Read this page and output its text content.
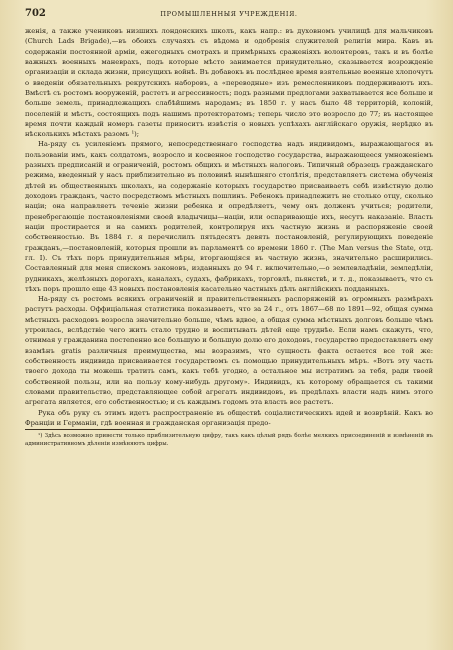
702	ПРОМЫШЛЕННЫЯ УЧРЕЖДЕНІЯ.

женія, а также учениковъ низшихъ лондонскихъ школъ, какъ напр.: въ духовномъ училищѣ для мальчиковъ (Church Lads Brigade),—въ обоихъ случаяхъ съ вѣдома и одобренія служителей религіи мира. Кавъ въ содержаніи постоянной арміи, ежегодныхъ смотрахъ и примѣрныхъ сраженіяхъ волонтеровъ, такъ и въ болѣе важныхъ военныхъ маневрахъ, подъ которые мѣсто занимается принудительно, сказывается возрожденіе организаціи и склада жизни, присущихъ войнѣ. Въ добавокъ въ послѣднее время взятельные военные хлопочутъ о введеніи обязательныхъ рекрутскихъ наборовъ, а «переводные» изъ ремесленниковъ поддерживаютъ ихъ. Вмѣстѣ съ ростомъ вооруженій, растетъ и агрессивность; подъ разными предлогами захватывается все больше и больше земель, принадлежащихъ слабѣйшимъ народамъ; въ 1850 г. у насъ было 48 территорій, колоній, поселеній и мѣстъ, состоящихъ подъ нашимъ протекторатомъ; теперь число это возросло до 77; въ настоящее время почти каждый номеръ газеты приноситъ извѣстія о новыхъ успѣхахъ англійскаго оружія, нерѣдко въ нѣсколькихъ мѣстахъ разомъ ¹);

На-ряду съ усиленіемъ прямого, непосредственнаго господства надъ индивидомъ, выражающагося въ пользованіи имъ, какъ солдатомъ, возросло и косвенное господство государства, выражающееся умноженіемъ разныхъ предписаній и ограниченій, ростомъ общихъ и мѣстныхъ налоговъ. Типичный образецъ гражданскаго режима, введенный у насъ приблизительно въ половинѣ нынѣшняго столѣтія, представляетъ система обученія дѣтей въ общественныхъ школахъ, на содержаніе которыхъ государство присваиваетъ себѣ извѣстную долю доходовъ гражданъ, часто посредствомъ мѣстныхъ пошлинъ. Ребенокъ принадлежитъ не столько отцу, сколько націи; она направляетъ теченіе жизни ребенка и опредѣляетъ, чему онъ долженъ учиться; родители, пренебрегающіе постановленіями своей владычицы—націи, или оспаривающіе ихъ, несутъ наказаніе. Власть націи простирается и на самихъ родителей, контролируя ихъ частную жизнь и распоряженіе своей собственностью. Въ 1884 г. я перечислилъ пятьдесятъ девять постановленій, регулирующихъ поведеніе гражданъ,—постановленій, которыя прошли въ парламентѣ со времени 1860 г. (The Man versus the State, отд. гл. I). Съ тѣхъ поръ принудительныя мѣры, вторгающіяся въ частную жизнь, значительно расширились. Составленный для меня спискомъ законовъ, изданныхъ до 94 г. включительно,—о землевладѣніи, земледѣліи, рудникахъ, желѣзныхъ дорогахъ, каналахъ, судахъ, фабрикахъ, торговлѣ, пьянствѣ, и т. д., показываетъ, что съ тѣхъ поръ прошло еще 43 новыхъ постановленія касательно частныхъ дѣлъ англійскихъ подданныхъ.

На-ряду съ ростомъ всякихъ ограниченій и правительственныхъ распоряженій въ огромныхъ размѣрахъ растутъ расходы. Оффиціальная статистика показываетъ, что за 24 г., отъ 1867—68 по 1891—92, общая сумма мѣстныхъ расходовъ возросла значительно больше, чѣмъ вдвое, а общая сумма мѣстныхъ долговъ больше чѣмъ утроилась, вслѣдствіе чего жить стало трудно и воспитывать дѣтей еще труднѣе. Если намъ скажутъ, что, отнимая у гражданина постепенно все большую и большую долю его доходовъ, государство предоставляетъ ему взамѣнъ gratis различныя преимущества, мы возразимъ, что сущность факта остается все той же: собственность индивида присваивается государствомъ съ помощью принудительныхъ мѣръ. «Вотъ эту часть твоего дохода ты можешь тратить самъ, какъ тебѣ угодно, а остальное мы истратимъ за тебя, ради твоей собственной пользы, или на пользу кому-нибудь другому». Индивидъ, къ которому обращается съ такими словами правительство, представляющее собой агрегатъ индивидовъ, въ предѣлахъ власти надъ нимъ этого агрегата является, его собственностью; и съ каждымъ годомъ эта власть все растетъ.

Рука объ руку съ этимъ идетъ распространеніе въ обществѣ соціалистическихъ идей и возврѣній. Какъ во Франціи и Германіи, гдѣ военная и гражданская организація предо-

¹) Здѣсь возможно привести только приблизительную цифру, такъ какъ цѣлый рядъ болѣе мелкихъ присоединеній и измѣненій въ административномъ дѣленіи измѣняютъ цифры.
